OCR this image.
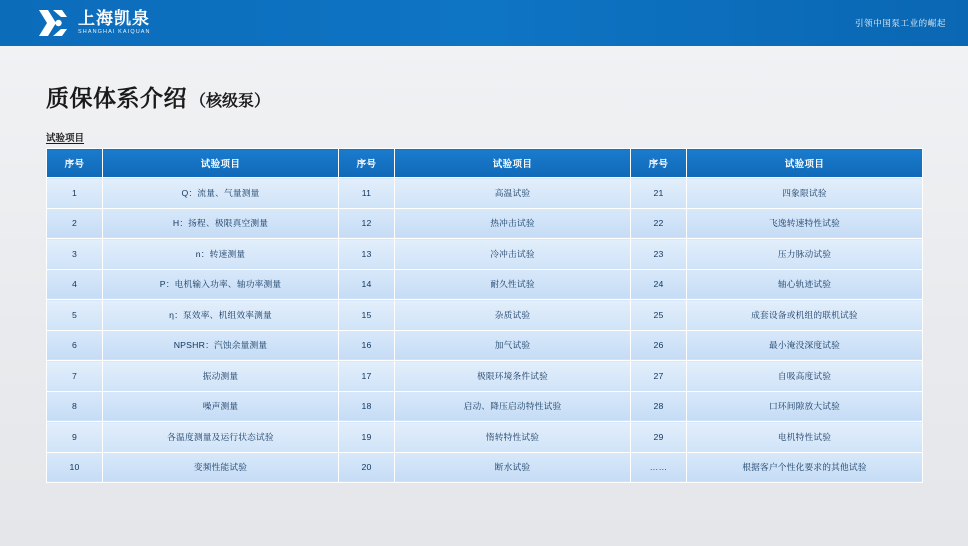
上海凯泉
SHANGHAI KAIQUAN
引领中国泵工业的崛起
质保体系介绍 （核级泵）
试验项目
序号	试验项目	序号	试验项目	序号	试验项目
1	Q：流量、气量测量	11	高温试验	21	四象限试验
2	H：扬程、极限真空测量	12	热冲击试验	22	飞逸转速特性试验
3	n：转速测量	13	冷冲击试验	23	压力脉动试验
4	P：电机输入功率、轴功率测量	14	耐久性试验	24	轴心轨迹试验
5	η：泵效率、机组效率测量	15	杂质试验	25	成套设备或机组的联机试验
6	NPSHR：汽蚀余量测量	16	加气试验	26	最小淹没深度试验
7	振动测量	17	极限环境条件试验	27	自吸高度试验
8	噪声测量	18	启动、降压启动特性试验	28	口环间隙放大试验
9	各温度测量及运行状态试验	19	惰转特性试验	29	电机特性试验
10	变频性能试验	20	断水试验	……	根据客户个性化要求的其他试验
